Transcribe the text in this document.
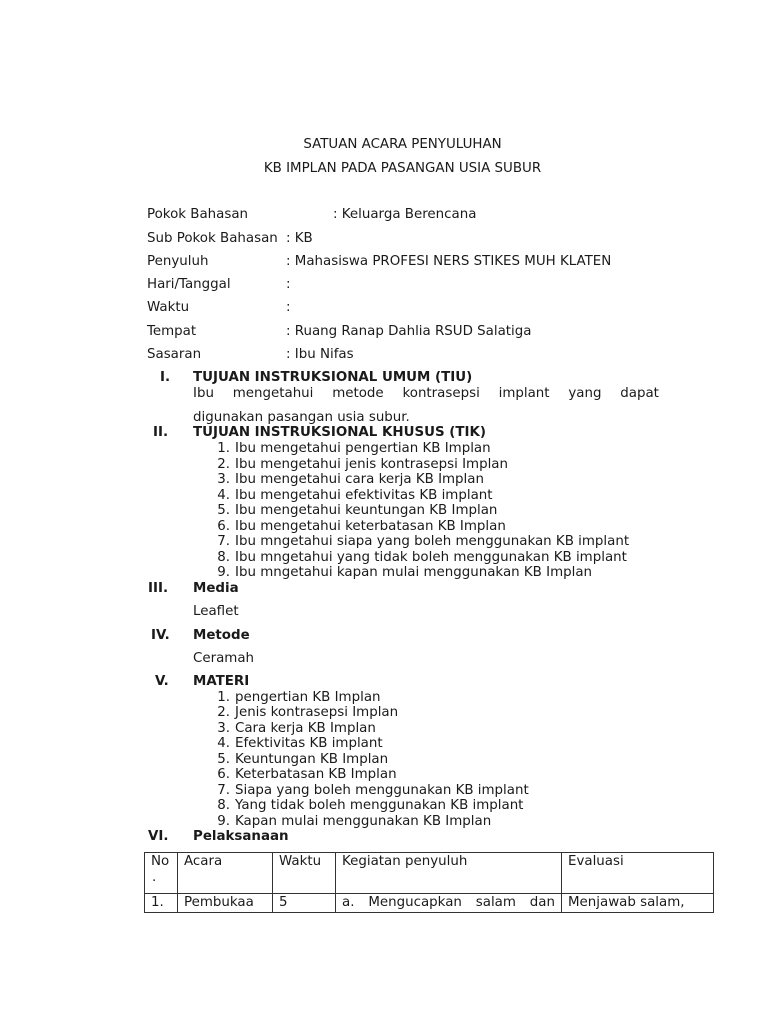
SATUAN ACARA PENYULUHAN
KB IMPLAN PADA PASANGAN USIA SUBUR
Pokok Bahasan	: Keluarga Berencana
Sub Pokok Bahasan : KB
Penyuluh	: Mahasiswa PROFESI NERS STIKES MUH KLATEN
Hari/Tanggal	:
Waktu	:
Tempat	: Ruang Ranap Dahlia RSUD Salatiga
Sasaran	: Ibu Nifas
I.	TUJUAN INSTRUKSIONAL UMUM (TIU)
Ibu mengetahui metode kontrasepsi implant yang dapat
digunakan pasangan usia subur.
II.	TUJUAN INSTRUKSIONAL KHUSUS (TIK)
1. Ibu mengetahui pengertian KB Implan
2. Ibu mengetahui jenis kontrasepsi Implan
3. Ibu mengetahui cara kerja KB Implan
4. Ibu mengetahui efektivitas KB implant
5. Ibu mengetahui keuntungan KB Implan
6. Ibu mengetahui keterbatasan KB Implan
7. Ibu mngetahui siapa yang boleh menggunakan KB implant
8. Ibu mngetahui yang tidak boleh menggunakan KB implant
9. Ibu mngetahui kapan mulai menggunakan KB Implan
III.	Media
Leaflet
IV.	Metode
Ceramah
V.	MATERI
1. pengertian KB Implan
2. Jenis kontrasepsi Implan
3. Cara kerja KB Implan
4. Efektivitas KB implant
5. Keuntungan KB Implan
6. Keterbatasan KB Implan
7. Siapa yang boleh menggunakan KB implant
8. Yang tidak boleh menggunakan KB implant
9. Kapan mulai menggunakan KB Implan
VI.	Pelaksanaan
No
.	Acara	Waktu	Kegiatan penyuluh	Evaluasi
1.	Pembukaa	5	a. Mengucapkan salam dan	Menjawab salam,
